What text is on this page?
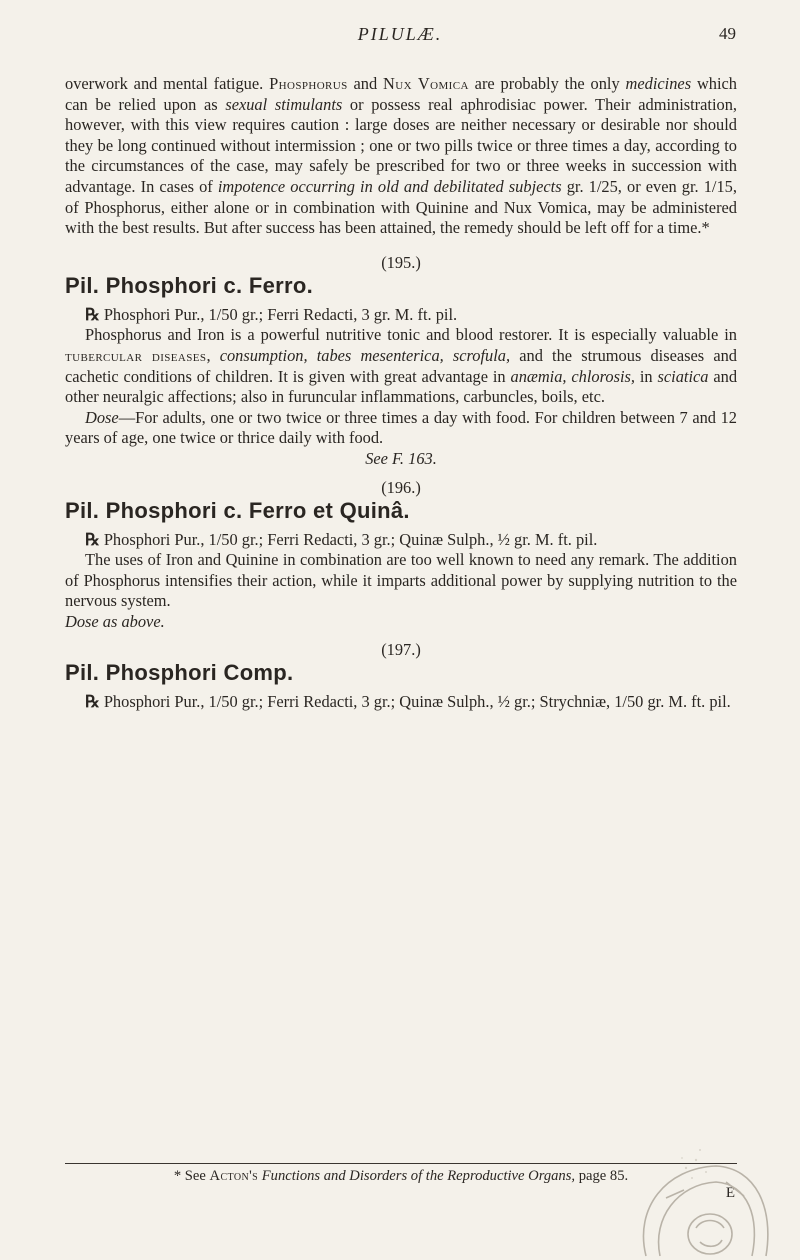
PILULÆ.	49

overwork and mental fatigue. Phosphorus and Nux Vomica are probably the only medicines which can be relied upon as sexual stimulants or possess real aphrodisiac power. Their administration, however, with this view requires caution : large doses are neither necessary or desirable nor should they be long continued without intermission ; one or two pills twice or three times a day, according to the circumstances of the case, may safely be prescribed for two or three weeks in succession with advantage. In cases of impotence occurring in old and debilitated subjects gr. 1/25, or even gr. 1/15, of Phosphorus, either alone or in combination with Quinine and Nux Vomica, may be administered with the best results. But after success has been attained, the remedy should be left off for a time.*

(195.)

Pil. Phosphori c. Ferro.

℞ Phosphori Pur., 1/50 gr.; Ferri Redacti, 3 gr. M. ft. pil.

Phosphorus and Iron is a powerful nutritive tonic and blood restorer. It is especially valuable in tubercular diseases, consumption, tabes mesenterica, scrofula, and the strumous diseases and cachetic conditions of children. It is given with great advantage in anæmia, chlorosis, in sciatica and other neuralgic affections; also in furuncular inflammations, carbuncles, boils, etc.

Dose—For adults, one or two twice or three times a day with food. For children between 7 and 12 years of age, one twice or thrice daily with food.

See F. 163.

(196.)

Pil. Phosphori c. Ferro et Quinâ.

℞ Phosphori Pur., 1/50 gr.; Ferri Redacti, 3 gr.; Quinæ Sulph., ½ gr. M. ft. pil.

The uses of Iron and Quinine in combination are too well known to need any remark. The addition of Phosphorus intensifies their action, while it imparts additional power by supplying nutrition to the nervous system.

Dose as above.

(197.)

Pil. Phosphori Comp.

℞ Phosphori Pur., 1/50 gr.; Ferri Redacti, 3 gr.; Quinæ Sulph., ½ gr.; Strychniæ, 1/50 gr. M. ft. pil.

* See Acton's Functions and Disorders of the Reproductive Organs, page 85.
E
